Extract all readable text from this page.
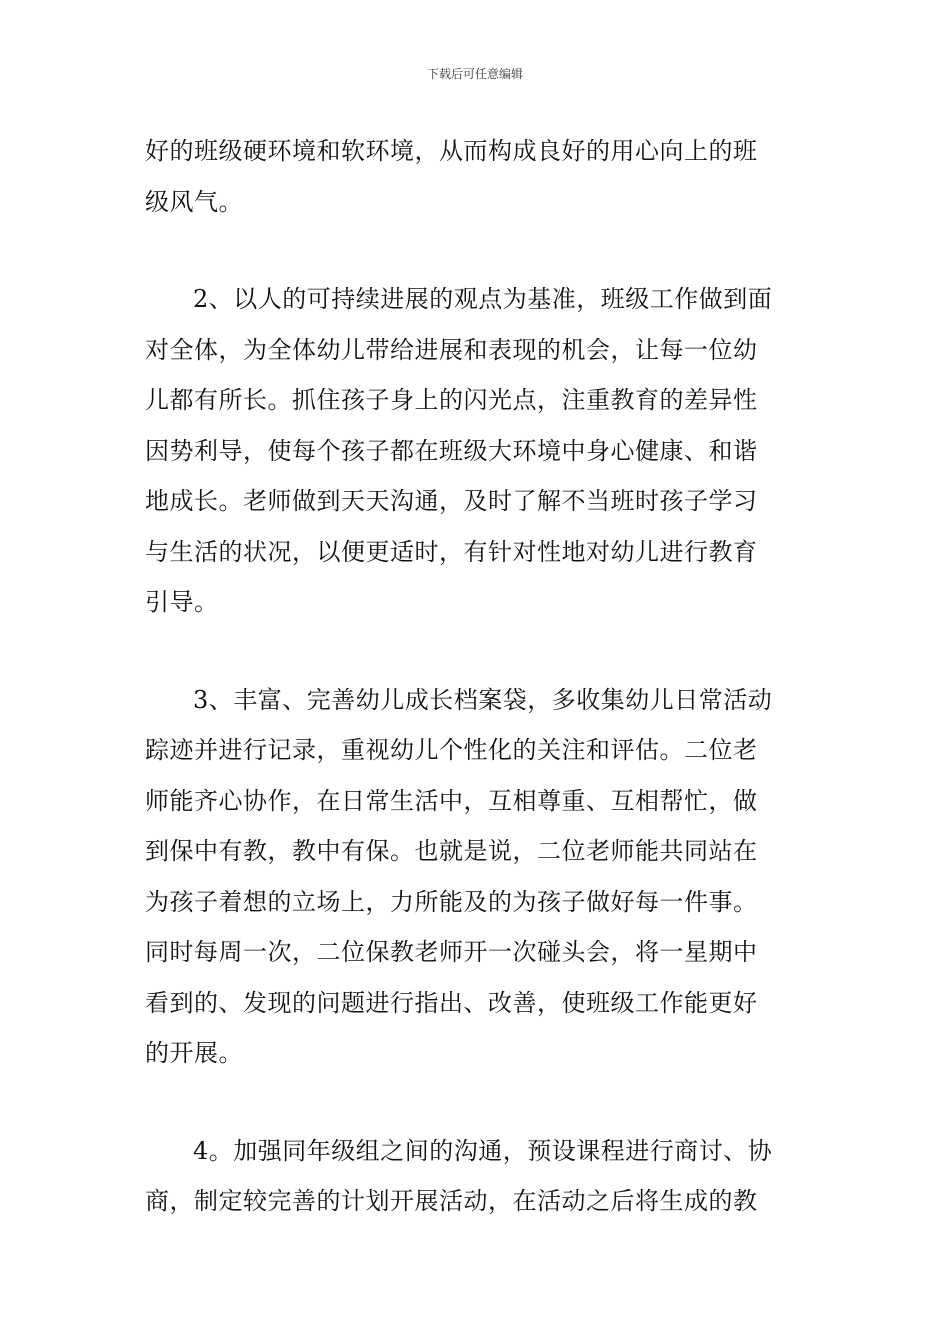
下载后可任意编辑

好的班级硬环境和软环境，从而构成良好的用心向上的班
级风气。

2、以人的可持续进展的观点为基准，班级工作做到面
对全体，为全体幼儿带给进展和表现的机会，让每一位幼
儿都有所长。抓住孩子身上的闪光点，注重教育的差异性
因势利导，使每个孩子都在班级大环境中身心健康、和谐
地成长。老师做到天天沟通，及时了解不当班时孩子学习
与生活的状况，以便更适时，有针对性地对幼儿进行教育
引导。

3、丰富、完善幼儿成长档案袋，多收集幼儿日常活动
踪迹并进行记录，重视幼儿个性化的关注和评估。二位老
师能齐心协作，在日常生活中，互相尊重、互相帮忙，做
到保中有教，教中有保。也就是说，二位老师能共同站在
为孩子着想的立场上，力所能及的为孩子做好每一件事。
同时每周一次，二位保教老师开一次碰头会，将一星期中
看到的、发现的问题进行指出、改善，使班级工作能更好
的开展。

4。加强同年级组之间的沟通，预设课程进行商讨、协
商，制定较完善的计划开展活动，在活动之后将生成的教
